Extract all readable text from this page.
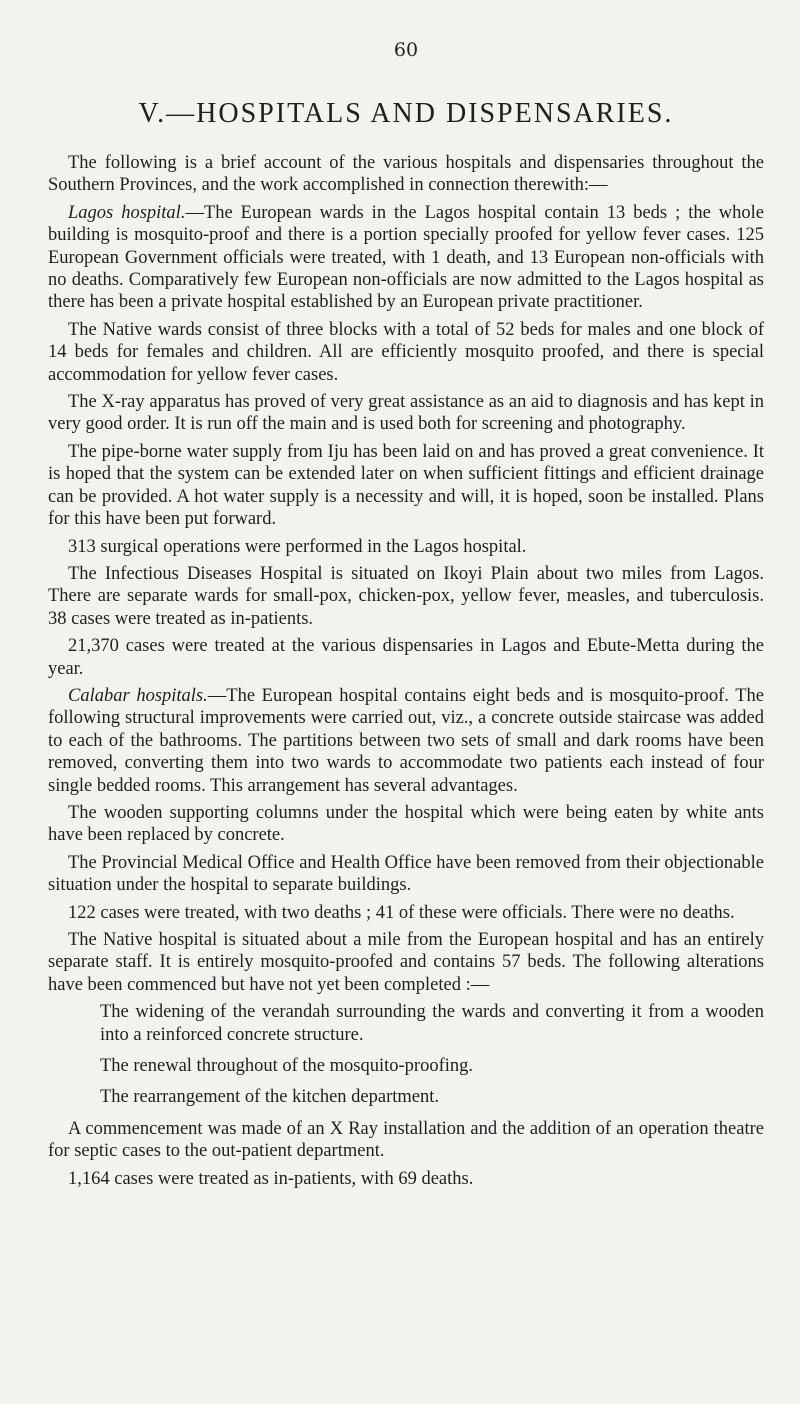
60
V.—HOSPITALS AND DISPENSARIES.

The following is a brief account of the various hospitals and dispensaries throughout the Southern Provinces, and the work accomplished in connection therewith:—

Lagos hospital.—The European wards in the Lagos hospital contain 13 beds ; the whole building is mosquito-proof and there is a portion specially proofed for yellow fever cases. 125 European Government officials were treated, with 1 death, and 13 European non-officials with no deaths. Comparatively few European non-officials are now admitted to the Lagos hospital as there has been a private hospital established by an European private practitioner.

The Native wards consist of three blocks with a total of 52 beds for males and one block of 14 beds for females and children. All are efficiently mosquito proofed, and there is special accommodation for yellow fever cases.

The X-ray apparatus has proved of very great assistance as an aid to diagnosis and has kept in very good order. It is run off the main and is used both for screening and photography.

The pipe-borne water supply from Iju has been laid on and has proved a great convenience. It is hoped that the system can be extended later on when sufficient fittings and efficient drainage can be provided. A hot water supply is a necessity and will, it is hoped, soon be installed. Plans for this have been put forward.

313 surgical operations were performed in the Lagos hospital.

The Infectious Diseases Hospital is situated on Ikoyi Plain about two miles from Lagos. There are separate wards for small-pox, chicken-pox, yellow fever, measles, and tuberculosis. 38 cases were treated as in-patients.

21,370 cases were treated at the various dispensaries in Lagos and Ebute-Metta during the year.

Calabar hospitals.—The European hospital contains eight beds and is mosquito-proof. The following structural improvements were carried out, viz., a concrete outside staircase was added to each of the bathrooms. The partitions between two sets of small and dark rooms have been removed, converting them into two wards to accommodate two patients each instead of four single bedded rooms. This arrangement has several advantages.

The wooden supporting columns under the hospital which were being eaten by white ants have been replaced by concrete.

The Provincial Medical Office and Health Office have been removed from their objectionable situation under the hospital to separate buildings.

122 cases were treated, with two deaths ; 41 of these were officials. There were no deaths.

The Native hospital is situated about a mile from the European hospital and has an entirely separate staff. It is entirely mosquito-proofed and contains 57 beds. The following alterations have been commenced but have not yet been completed :—

The widening of the verandah surrounding the wards and converting it from a wooden into a reinforced concrete structure.

The renewal throughout of the mosquito-proofing.

The rearrangement of the kitchen department.

A commencement was made of an X Ray installation and the addition of an operation theatre for septic cases to the out-patient department.

1,164 cases were treated as in-patients, with 69 deaths.
